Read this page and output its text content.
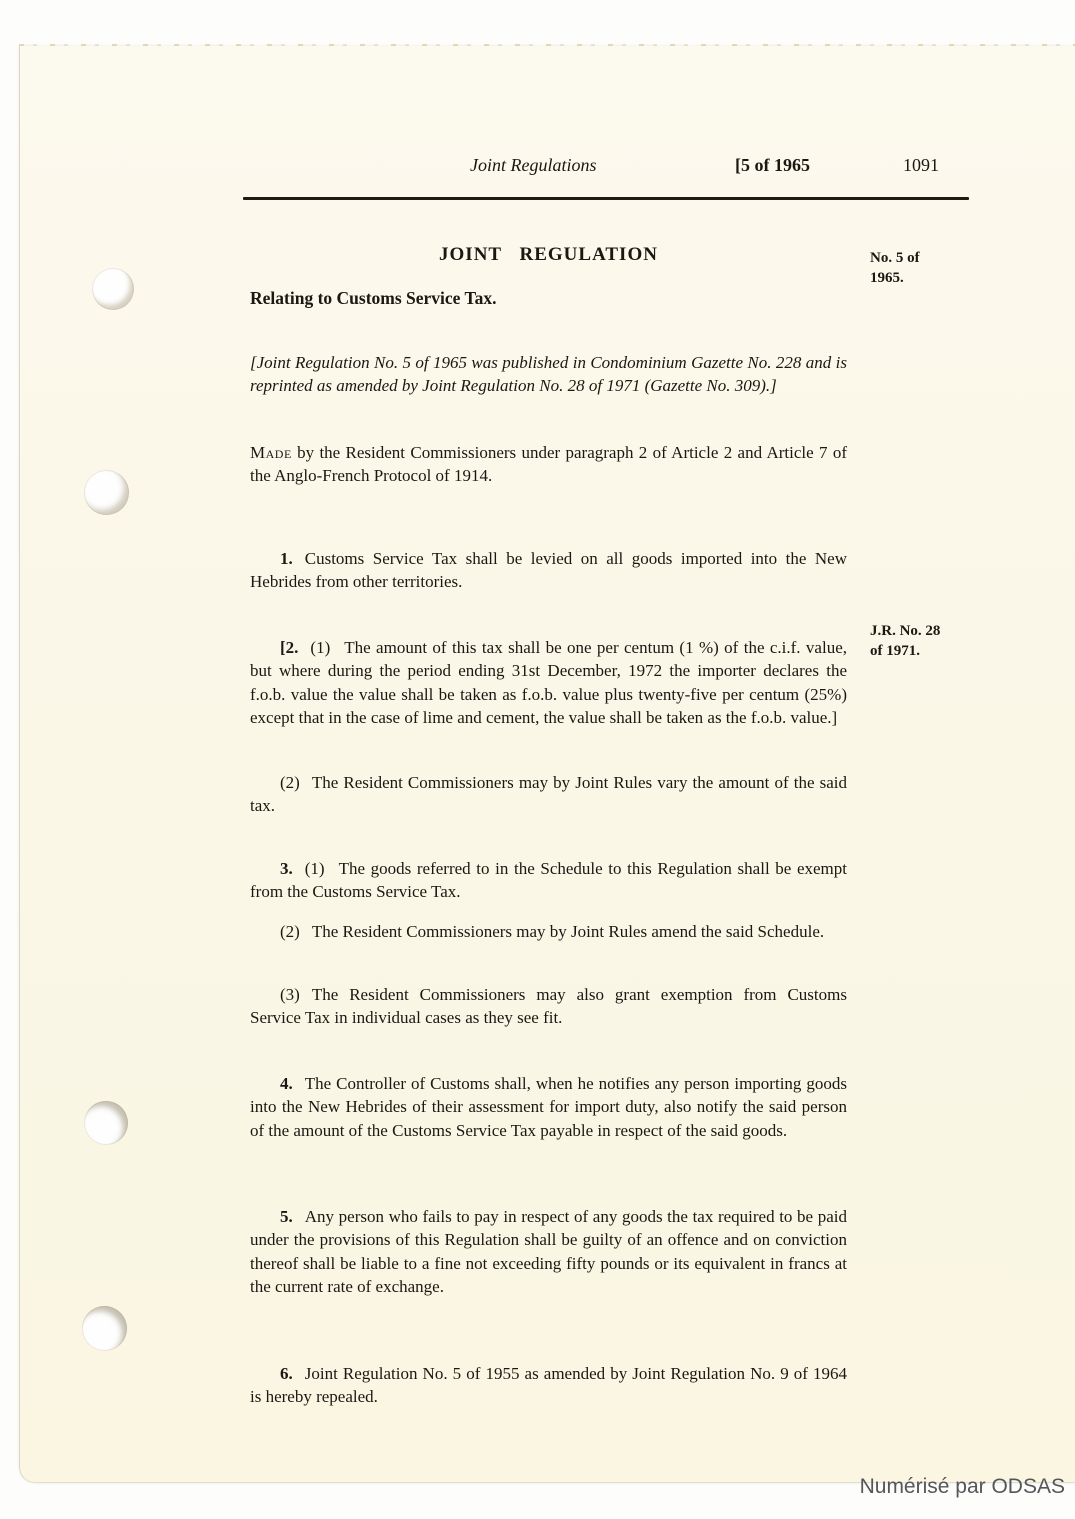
Joint Regulations	[5 of 1965	1091
JOINT REGULATION	No. 5 of
1965.
Relating to Customs Service Tax.

[Joint Regulation No. 5 of 1965 was published in Condominium Gazette No. 228 and is reprinted as amended by Joint Regulation No. 28 of 1971 (Gazette No. 309).]

Made by the Resident Commissioners under paragraph 2 of Article 2 and Article 7 of the Anglo-French Protocol of 1914.

1. Customs Service Tax shall be levied on all goods imported into the New Hebrides from other territories.

[2. (1) The amount of this tax shall be one per centum (1 %) of the c.i.f. value, but where during the period ending 31st December, 1972 the importer declares the f.o.b. value the value shall be taken as f.o.b. value plus twenty-five per centum (25%) except that in the case of lime and cement, the value shall be taken as the f.o.b. value.]

J.R. No. 28
of 1971.

(2) The Resident Commissioners may by Joint Rules vary the amount of the said tax.

3. (1) The goods referred to in the Schedule to this Regulation shall be exempt from the Customs Service Tax.

(2) The Resident Commissioners may by Joint Rules amend the said Schedule.

(3) The Resident Commissioners may also grant exemption from Customs Service Tax in individual cases as they see fit.

4. The Controller of Customs shall, when he notifies any person importing goods into the New Hebrides of their assessment for import duty, also notify the said person of the amount of the Customs Service Tax payable in respect of the said goods.

5. Any person who fails to pay in respect of any goods the tax required to be paid under the provisions of this Regulation shall be guilty of an offence and on conviction thereof shall be liable to a fine not exceeding fifty pounds or its equivalent in francs at the current rate of exchange.

6. Joint Regulation No. 5 of 1955 as amended by Joint Regulation No. 9 of 1964 is hereby repealed.

Numérisé par ODSAS
